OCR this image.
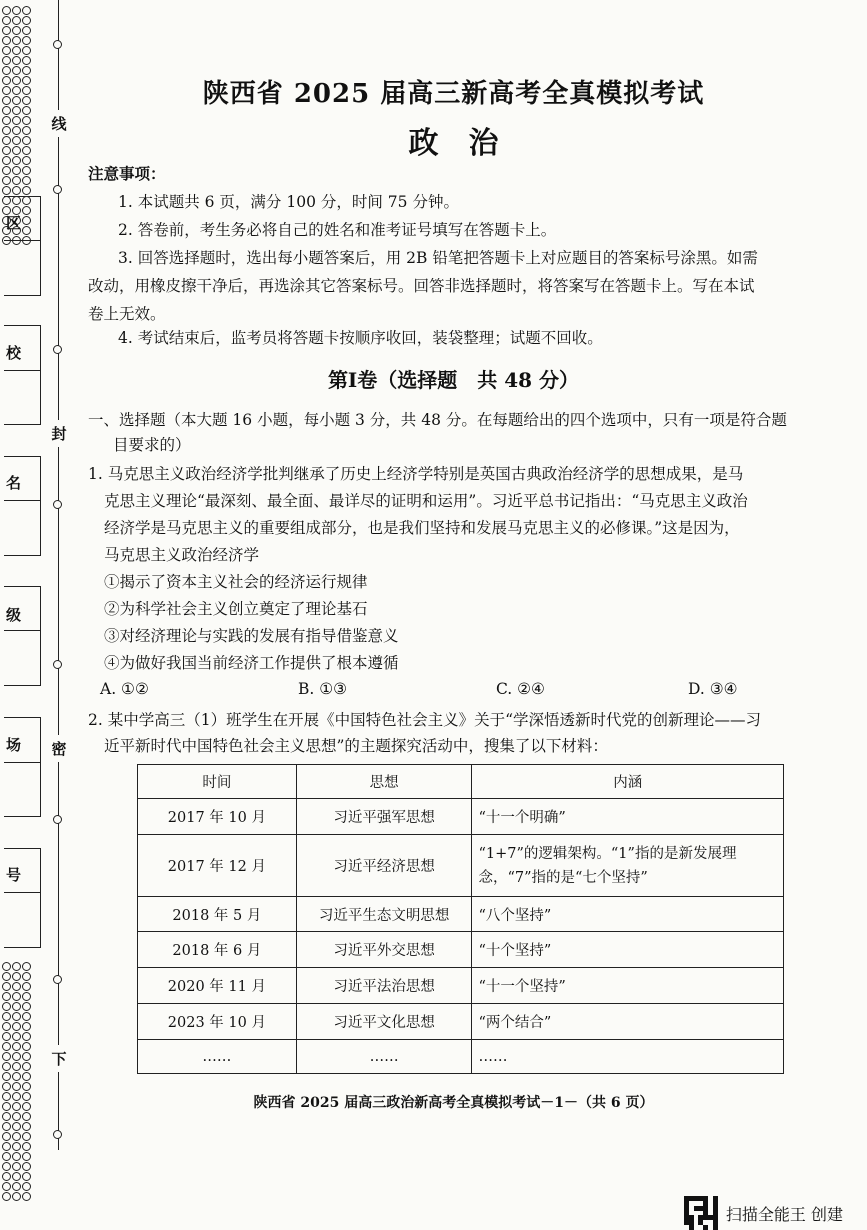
线
封
密
下
区
校
名
级
场
号
陕西省 2025 届高三新高考全真模拟考试
政治
注意事项：
1. 本试题共 6 页，满分 100 分，时间 75 分钟。
2. 答卷前，考生务必将自己的姓名和准考证号填写在答题卡上。
3. 回答选择题时，选出每小题答案后，用 2B 铅笔把答题卡上对应题目的答案标号涂黑。如需
改动，用橡皮擦干净后，再选涂其它答案标号。回答非选择题时，将答案写在答题卡上。写在本试
卷上无效。
4. 考试结束后，监考员将答题卡按顺序收回，装袋整理；试题不回收。
第Ⅰ卷（选择题　共 48 分）
一、选择题（本大题 16 小题，每小题 3 分，共 48 分。在每题给出的四个选项中，只有一项是符合题
目要求的）
1. 马克思主义政治经济学批判继承了历史上经济学特别是英国古典政治经济学的思想成果，是马
克思主义理论“最深刻、最全面、最详尽的证明和运用”。习近平总书记指出：“马克思主义政治
经济学是马克思主义的重要组成部分，也是我们坚持和发展马克思主义的必修课。”这是因为，
马克思主义政治经济学
①揭示了资本主义社会的经济运行规律
②为科学社会主义创立奠定了理论基石
③对经济理论与实践的发展有指导借鉴意义
④为做好我国当前经济工作提供了根本遵循
A. ①②	B. ①③	C. ②④	D. ③④
2. 某中学高三（1）班学生在开展《中国特色社会主义》关于“学深悟透新时代党的创新理论——习
近平新时代中国特色社会主义思想”的主题探究活动中，搜集了以下材料：
时间	思想	内涵
2017 年 10 月	习近平强军思想	“十一个明确”
2017 年 12 月	习近平经济思想	“1+7”的逻辑架构。“1”指的是新发展理念，“7”指的是“七个坚持”
2018 年 5 月	习近平生态文明思想	“八个坚持”
2018 年 6 月	习近平外交思想	“十个坚持”
2020 年 11 月	习近平法治思想	“十一个坚持”
2023 年 10 月	习近平文化思想	“两个结合”
……	……	……
陕西省 2025 届高三政治新高考全真模拟考试－1－（共 6 页）
扫描全能王 创建
